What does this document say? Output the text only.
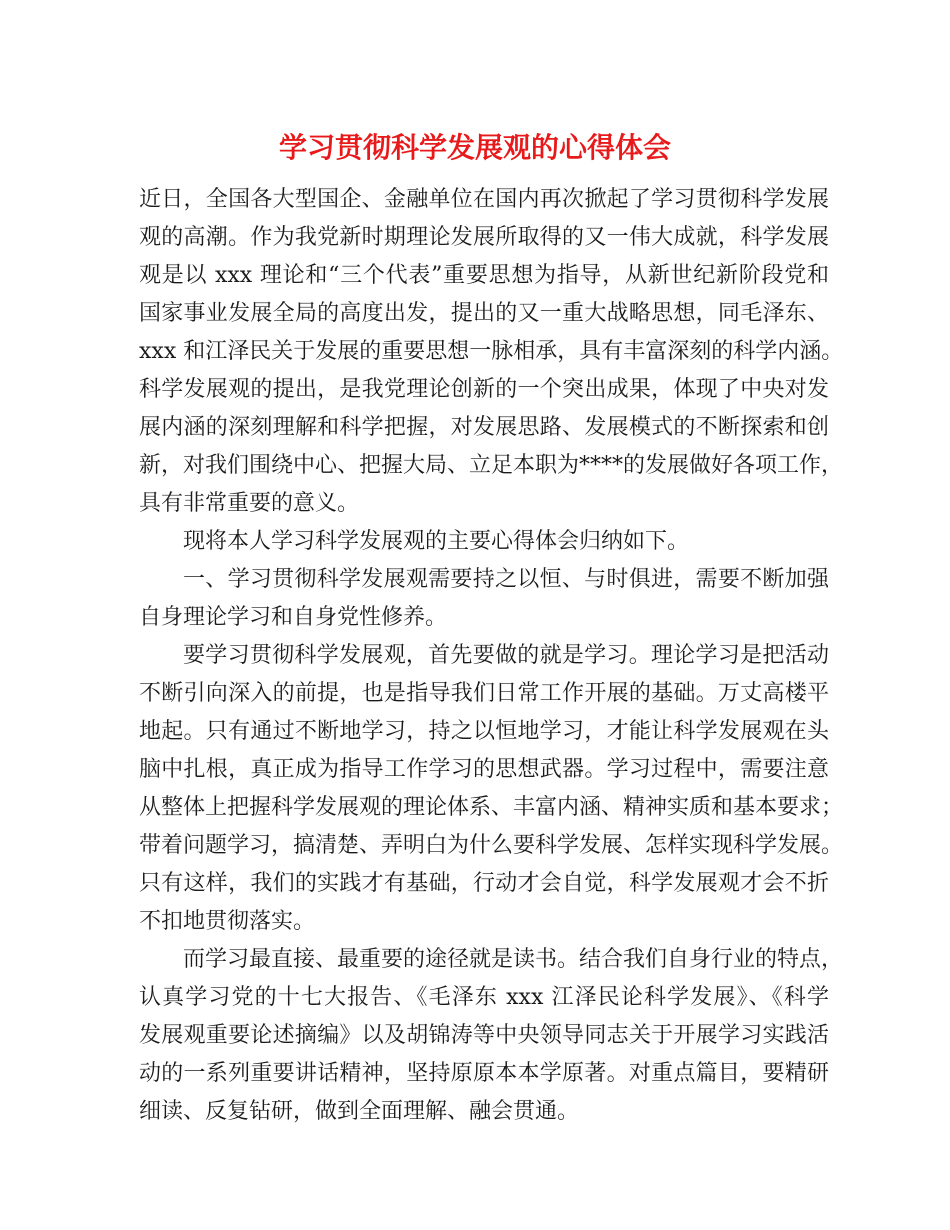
学习贯彻科学发展观的心得体会

近日，全国各大型国企、金融单位在国内再次掀起了学习贯彻科学发展

观的高潮。作为我党新时期理论发展所取得的又一伟大成就，科学发展

观是以 xxx 理论和“三个代表”重要思想为指导，从新世纪新阶段党和

国家事业发展全局的高度出发，提出的又一重大战略思想，同毛泽东、

xxx 和江泽民关于发展的重要思想一脉相承，具有丰富深刻的科学内涵。

科学发展观的提出，是我党理论创新的一个突出成果，体现了中央对发

展内涵的深刻理解和科学把握，对发展思路、发展模式的不断探索和创

新，对我们围绕中心、把握大局、立足本职为****的发展做好各项工作，

具有非常重要的意义。

现将本人学习科学发展观的主要心得体会归纳如下。

一、学习贯彻科学发展观需要持之以恒、与时俱进，需要不断加强

自身理论学习和自身党性修养。

要学习贯彻科学发展观，首先要做的就是学习。理论学习是把活动

不断引向深入的前提，也是指导我们日常工作开展的基础。万丈高楼平

地起。只有通过不断地学习，持之以恒地学习，才能让科学发展观在头

脑中扎根，真正成为指导工作学习的思想武器。学习过程中，需要注意

从整体上把握科学发展观的理论体系、丰富内涵、精神实质和基本要求；

带着问题学习，搞清楚、弄明白为什么要科学发展、怎样实现科学发展。

只有这样，我们的实践才有基础，行动才会自觉，科学发展观才会不折

不扣地贯彻落实。

而学习最直接、最重要的途径就是读书。结合我们自身行业的特点，

认真学习党的十七大报告、《毛泽东 xxx 江泽民论科学发展》、《科学

发展观重要论述摘编》以及胡锦涛等中央领导同志关于开展学习实践活

动的一系列重要讲话精神，坚持原原本本学原著。对重点篇目，要精研

细读、反复钻研，做到全面理解、融会贯通。
